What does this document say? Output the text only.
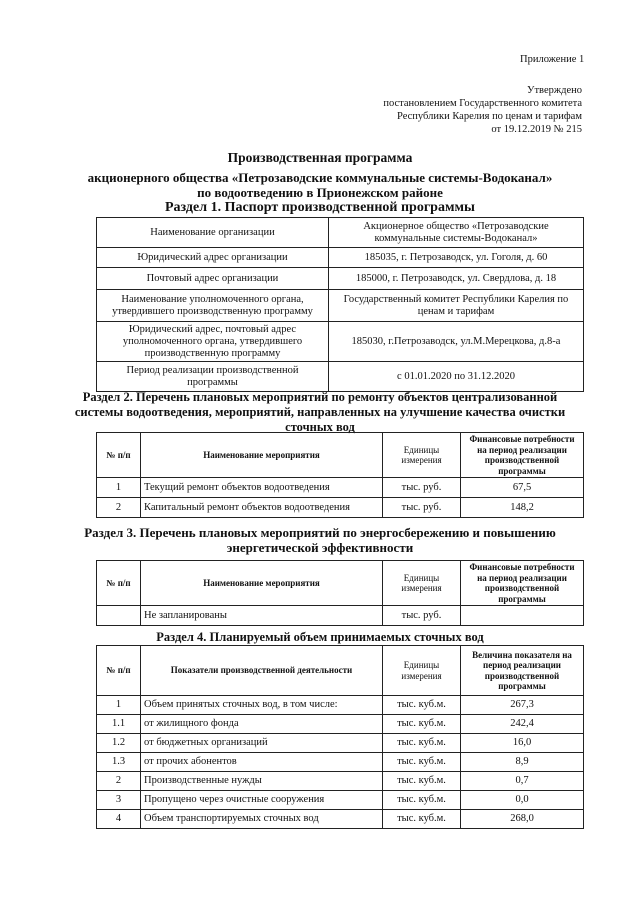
Приложение 1
Утверждено
постановлением Государственного комитета
Республики Карелия по ценам и тарифам
от 19.12.2019 № 215
Производственная программа
акционерного общества «Петрозаводские коммунальные системы-Водоканал»
по водоотведению в Прионежском районе
Раздел 1. Паспорт производственной программы
Наименование организации	Акционерное общество «Петрозаводские коммунальные системы-Водоканал»
Юридический адрес организации	185035, г. Петрозаводск, ул. Гоголя, д. 60
Почтовый адрес организации	185000, г. Петрозаводск, ул. Свердлова, д. 18
Наименование уполномоченного органа, утвердившего производственную программу	Государственный комитет Республики Карелия по ценам и тарифам
Юридический адрес, почтовый адрес уполномоченного органа, утвердившего производственную программу	185030, г.Петрозаводск, ул.М.Мерецкова, д.8-а
Период реализации производственной программы	с 01.01.2020 по 31.12.2020
Раздел 2. Перечень плановых мероприятий по ремонту объектов централизованной
системы водоотведения, мероприятий, направленных на улучшение качества очистки
сточных вод
№ п/п	Наименование мероприятия	Единицы измерения	Финансовые потребности на период реализации производственной программы
1	Текущий ремонт объектов водоотведения	тыс. руб.	67,5
2	Капитальный ремонт объектов водоотведения	тыс. руб.	148,2
Раздел 3. Перечень плановых мероприятий по энергосбережению и повышению
энергетической эффективности
№ п/п	Наименование мероприятия	Единицы измерения	Финансовые потребности на период реализации производственной программы
	Не запланированы	тыс. руб.	
Раздел 4. Планируемый объем принимаемых сточных вод
№ п/п	Показатели производственной деятельности	Единицы измерения	Величина показателя на период реализации производственной программы
1	Объем принятых сточных вод, в том числе:	тыс. куб.м.	267,3
1.1	от жилищного фонда	тыс. куб.м.	242,4
1.2	от бюджетных организаций	тыс. куб.м.	16,0
1.3	от прочих абонентов	тыс. куб.м.	8,9
2	Производственные нужды	тыс. куб.м.	0,7
3	Пропущено через очистные сооружения	тыс. куб.м.	0,0
4	Объем транспортируемых сточных вод	тыс. куб.м.	268,0
